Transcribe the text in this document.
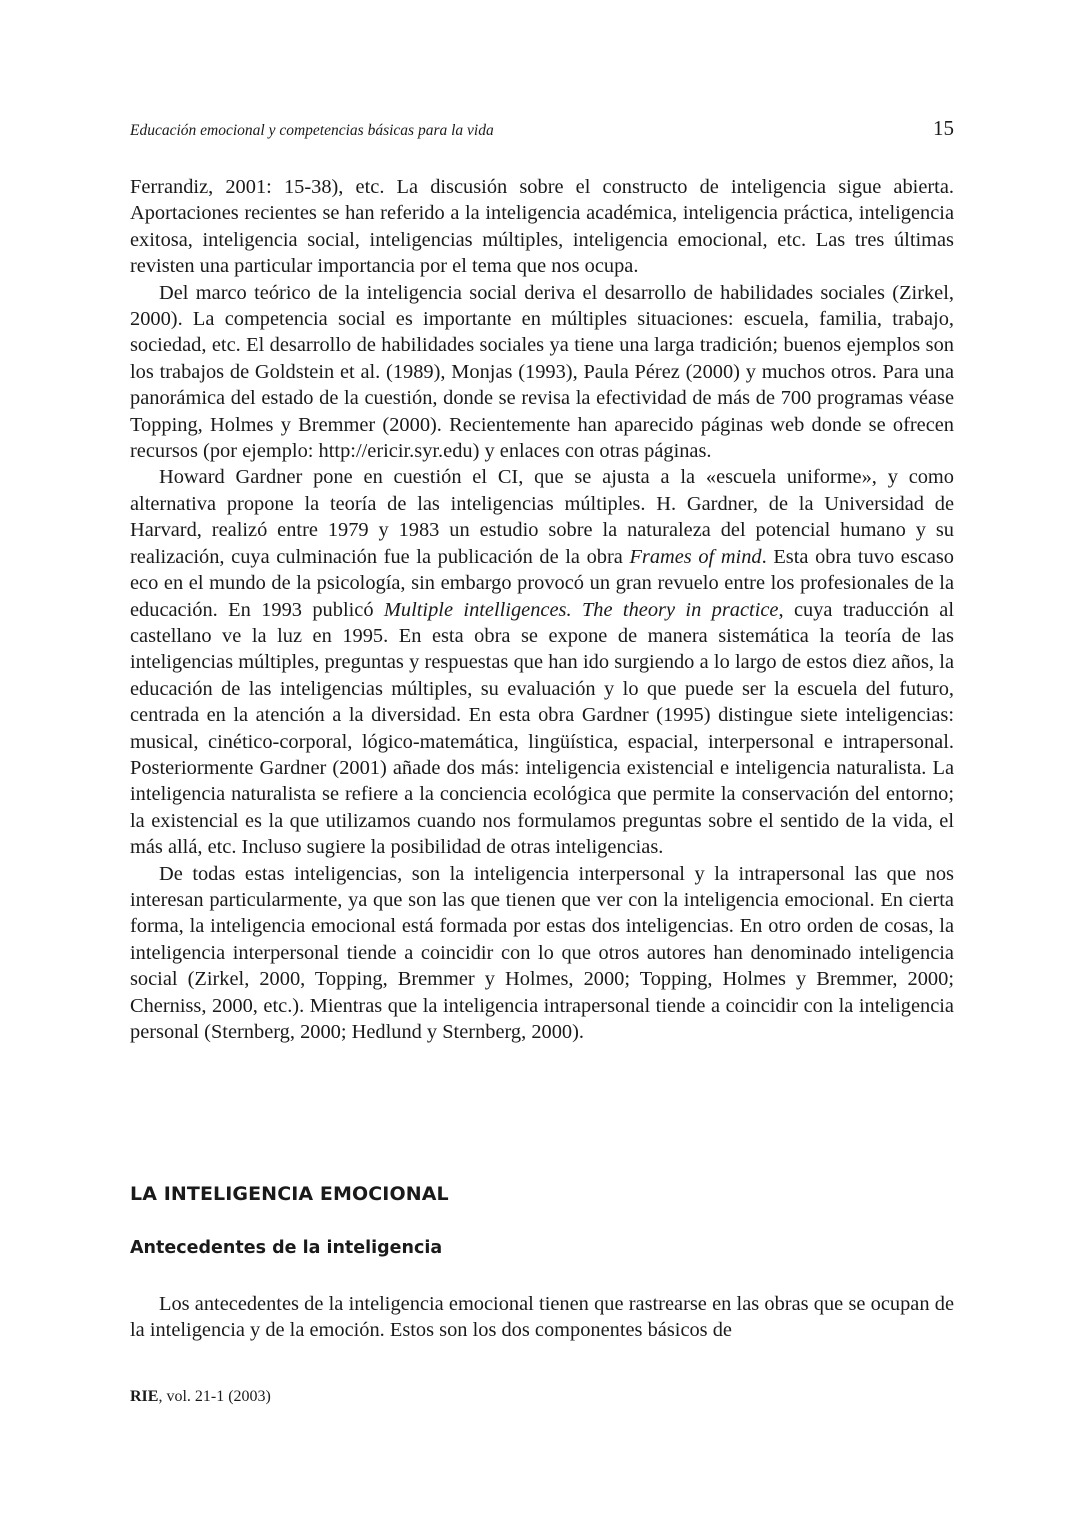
Educación emocional y competencias básicas para la vida	15

Ferrandiz, 2001: 15-38), etc. La discusión sobre el constructo de inteligencia sigue abierta. Aportaciones recientes se han referido a la inteligencia académica, inteligencia práctica, inteligencia exitosa, inteligencia social, inteligencias múltiples, inteligencia emocional, etc. Las tres últimas revisten una particular importancia por el tema que nos ocupa.

Del marco teórico de la inteligencia social deriva el desarrollo de habilidades sociales (Zirkel, 2000). La competencia social es importante en múltiples situaciones: escuela, familia, trabajo, sociedad, etc. El desarrollo de habilidades sociales ya tiene una larga tradición; buenos ejemplos son los trabajos de Goldstein et al. (1989), Monjas (1993), Paula Pérez (2000) y muchos otros. Para una panorámica del estado de la cuestión, donde se revisa la efectividad de más de 700 programas véase Topping, Holmes y Bremmer (2000). Recientemente han aparecido páginas web donde se ofrecen recursos (por ejemplo: http://ericir.syr.edu) y enlaces con otras páginas.

Howard Gardner pone en cuestión el CI, que se ajusta a la «escuela uniforme», y como alternativa propone la teoría de las inteligencias múltiples. H. Gardner, de la Universidad de Harvard, realizó entre 1979 y 1983 un estudio sobre la naturaleza del potencial humano y su realización, cuya culminación fue la publicación de la obra Frames of mind. Esta obra tuvo escaso eco en el mundo de la psicología, sin embargo provocó un gran revuelo entre los profesionales de la educación. En 1993 publicó Multiple intelligences. The theory in practice, cuya traducción al castellano ve la luz en 1995. En esta obra se expone de manera sistemática la teoría de las inteligencias múltiples, preguntas y respuestas que han ido surgiendo a lo largo de estos diez años, la educación de las inteligencias múltiples, su evaluación y lo que puede ser la escuela del futuro, centrada en la atención a la diversidad. En esta obra Gardner (1995) distingue siete inteligencias: musical, cinético-corporal, lógico-matemática, lingüística, espacial, interpersonal e intrapersonal. Posteriormente Gardner (2001) añade dos más: inteligencia existencial e inteligencia naturalista. La inteligencia naturalista se refiere a la conciencia ecológica que permite la conservación del entorno; la existencial es la que utilizamos cuando nos formulamos preguntas sobre el sentido de la vida, el más allá, etc. Incluso sugiere la posibilidad de otras inteligencias.

De todas estas inteligencias, son la inteligencia interpersonal y la intrapersonal las que nos interesan particularmente, ya que son las que tienen que ver con la inteligencia emocional. En cierta forma, la inteligencia emocional está formada por estas dos inteligencias. En otro orden de cosas, la inteligencia interpersonal tiende a coincidir con lo que otros autores han denominado inteligencia social (Zirkel, 2000, Topping, Bremmer y Holmes, 2000; Topping, Holmes y Bremmer, 2000; Cherniss, 2000, etc.). Mientras que la inteligencia intrapersonal tiende a coincidir con la inteligencia personal (Sternberg, 2000; Hedlund y Sternberg, 2000).

LA INTELIGENCIA EMOCIONAL
Antecedentes de la inteligencia
Los antecedentes de la inteligencia emocional tienen que rastrearse en las obras que se ocupan de la inteligencia y de la emoción. Estos son los dos componentes básicos de
RIE, vol. 21-1 (2003)
